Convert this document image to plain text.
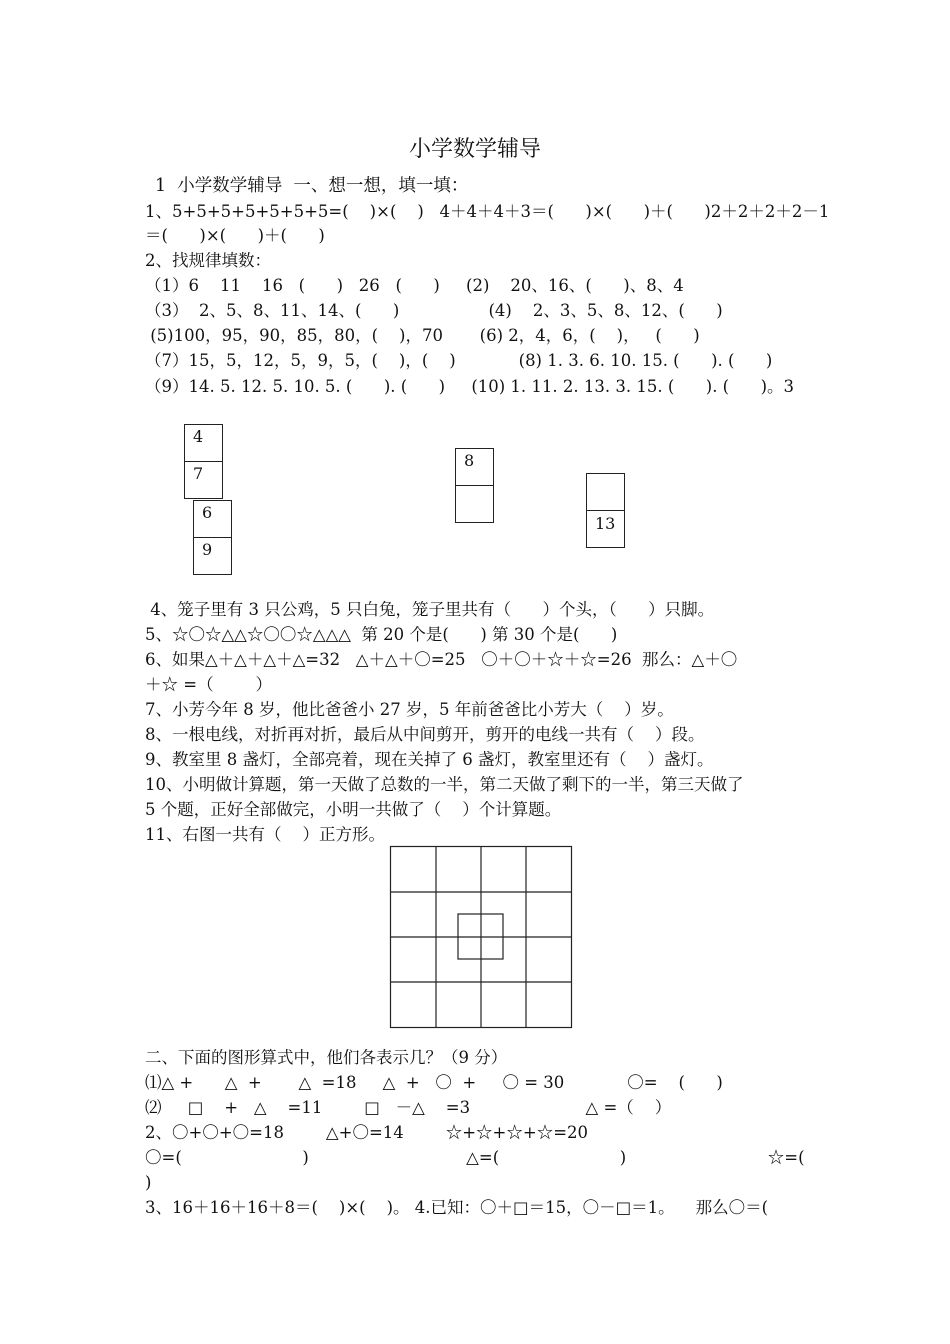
小学数学辅导
1  小学数学辅导  一、想一想，填一填：
1、5+5+5+5+5+5+5=(    )×(    )   4＋4＋4＋3＝(      )×(      )＋(      )2＋2＋2＋2－1
＝(      )×(      )＋(      )
2、找规律填数：
（1）6    11    16   (      )   26   (      )     (2)    20、16、(      )、8、4
（3）  2、5、8、11、14、(      )                 (4)    2、3、5、8、12、(      )
(5)100，95，90，85，80，(    )，70       (6) 2，4，6，(    )，   (      )
（7）15，5，12，5，9，5，(    )，(    )            (8) 1. 3. 6. 10. 15. (      ). (      )
（9）14. 5. 12. 5. 10. 5. (      ). (      )     (10) 1. 11. 2. 13. 3. 15. (      ). (      )。3
4
7
6
9
8
13
4、笼子里有 3 只公鸡，5 只白兔，笼子里共有（      ）个头，（      ）只脚。
5、☆〇☆△△☆〇〇☆△△△  第 20 个是(      ) 第 30 个是(      )
6、如果△＋△＋△＋△=32   △＋△＋〇=25   〇＋〇＋☆＋☆=26  那么：△＋〇
＋☆ =（        ）
7、小芳今年 8 岁，他比爸爸小 27 岁，5 年前爸爸比小芳大（    ）岁。
8、一根电线，对折再对折，最后从中间剪开，剪开的电线一共有（    ）段。
9、教室里 8 盏灯，全部亮着，现在关掉了 6 盏灯，教室里还有（    ）盏灯。
10、小明做计算题，第一天做了总数的一半，第二天做了剩下的一半，第三天做了
5 个题，正好全部做完，小明一共做了（    ）个计算题。
11、右图一共有（    ）正方形。
二、下面的图形算式中，他们各表示几？（9 分）
⑴△ +      △  +       △  =18     △  +   〇  +     〇 = 30            〇=    (      )
⑵     □    +   △    =11        □   －△    =3                      △ =（    ）
2、〇+〇+〇=18        △+〇=14        ☆+☆+☆+☆=20
〇=(                       )                              △=(                       )                           ☆=(
)
3、16＋16＋16＋8＝(    )×(    )。 4.已知：〇＋□＝15，〇－□＝1。    那么〇＝(
